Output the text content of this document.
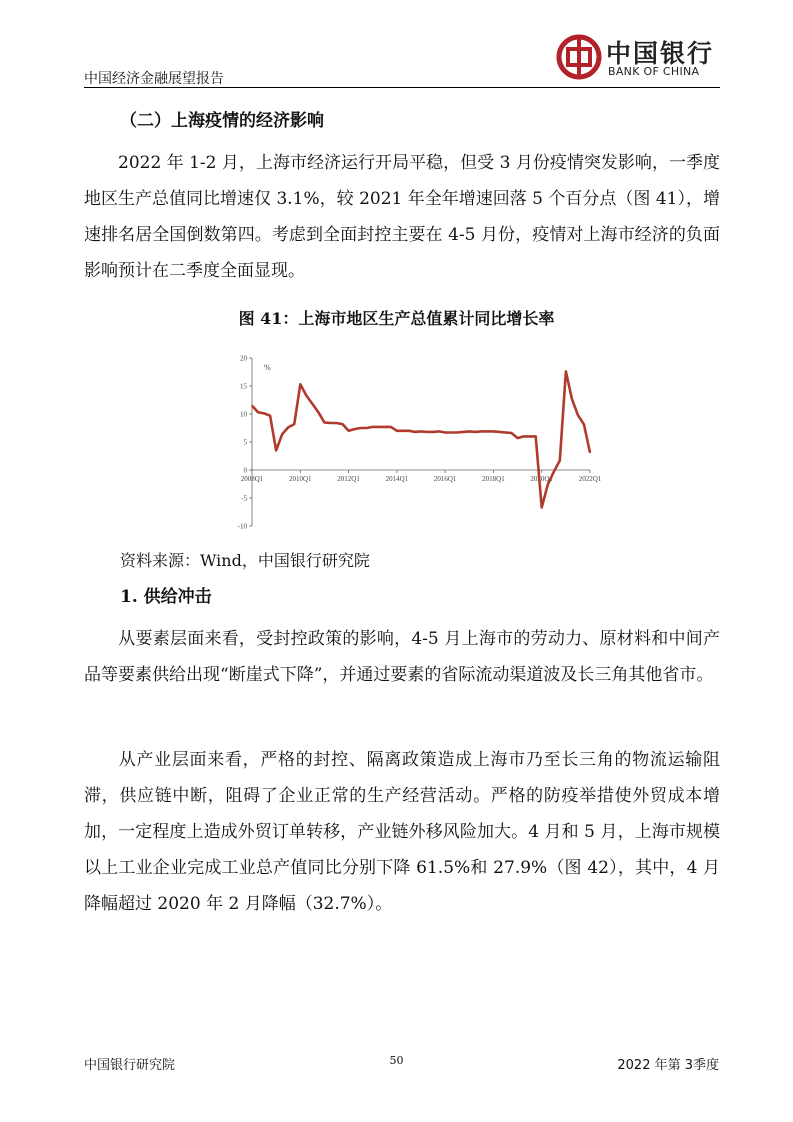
中国经济金融展望报告
中国银行
BANK OF CHINA
（二）上海疫情的经济影响
2022 年 1-2 月，上海市经济运行开局平稳，但受 3 月份疫情突发影响，一季度地区生产总值同比增速仅 3.1%，较 2021 年全年增速回落 5 个百分点（图 41），增速排名居全国倒数第四。考虑到全面封控主要在 4-5 月份，疫情对上海市经济的负面影响预计在二季度全面显现。
图 41：上海市地区生产总值累计同比增长率
%
20
15
10
5
0
-5
-10
2008Q1	2010Q1	2012Q1	2014Q1	2016Q1	2018Q1	2020Q1	2022Q1
资料来源：Wind，中国银行研究院
1. 供给冲击
从要素层面来看，受封控政策的影响，4-5 月上海市的劳动力、原材料和中间产品等要素供给出现“断崖式下降”，并通过要素的省际流动渠道波及长三角其他省市。
从产业层面来看，严格的封控、隔离政策造成上海市乃至长三角的物流运输阻滞，供应链中断，阻碍了企业正常的生产经营活动。严格的防疫举措使外贸成本增加，一定程度上造成外贸订单转移，产业链外移风险加大。4 月和 5 月，上海市规模以上工业企业完成工业总产值同比分别下降 61.5%和 27.9%（图 42），其中，4 月降幅超过 2020 年 2 月降幅（32.7%）。
中国银行研究院	50	2022 年第 3季度
